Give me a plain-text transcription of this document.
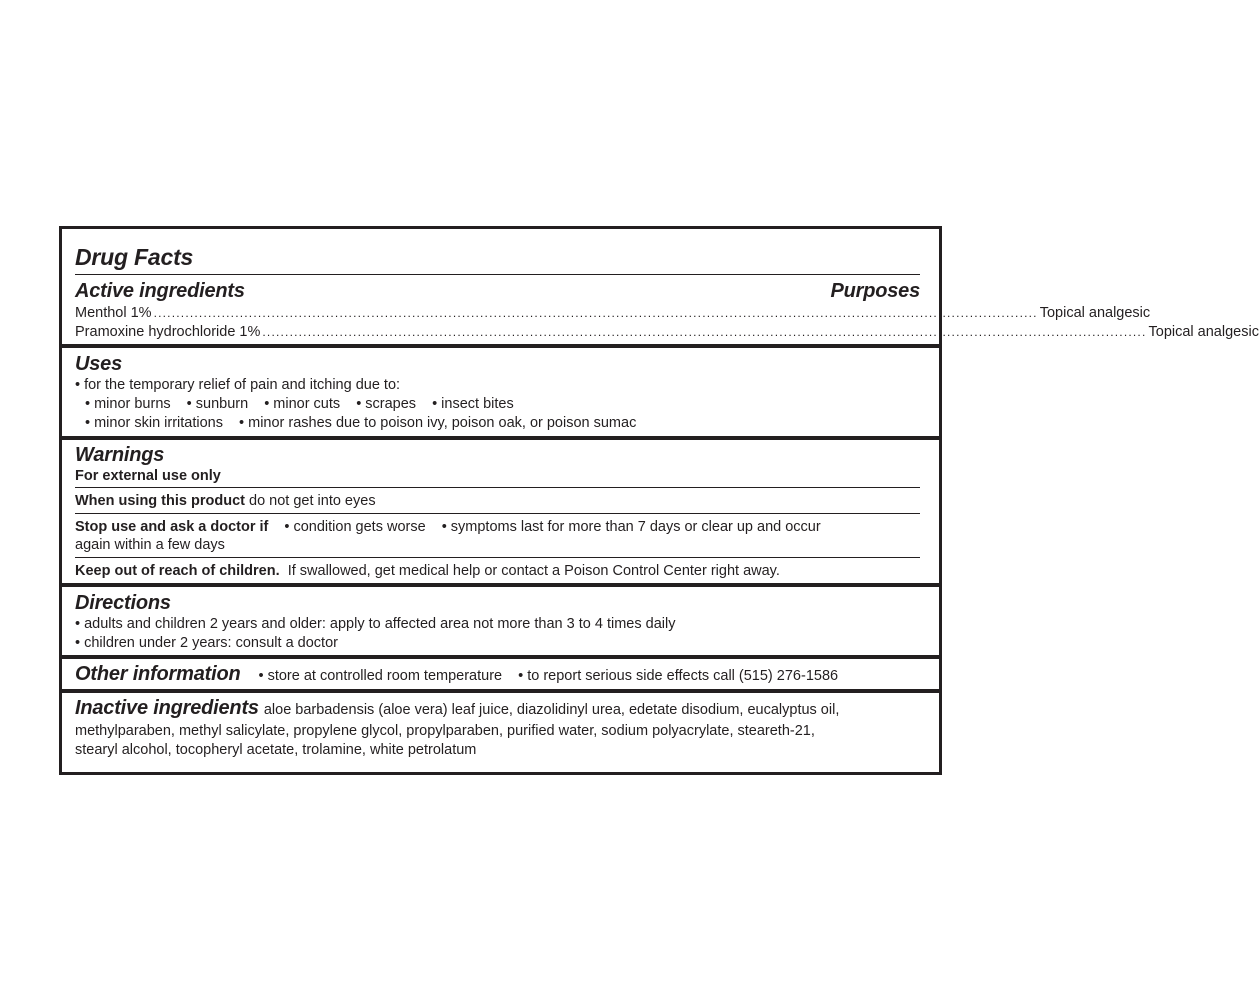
Drug Facts
Active ingredients	Purposes
Menthol 1% ................................................................................................................................................................................................... Topical analgesic
Pramoxine hydrochloride 1% ................................................................................................................................................................................................... Topical analgesic
Uses
• for the temporary relief of pain and itching due to:
• minor burns • sunburn • minor cuts • scrapes • insect bites
• minor skin irritations • minor rashes due to poison ivy, poison oak, or poison sumac
Warnings
For external use only
When using this product do not get into eyes
Stop use and ask a doctor if • condition gets worse • symptoms last for more than 7 days or clear up and occur
again within a few days
Keep out of reach of children. If swallowed, get medical help or contact a Poison Control Center right away.
Directions
• adults and children 2 years and older: apply to affected area not more than 3 to 4 times daily
• children under 2 years: consult a doctor
Other information • store at controlled room temperature • to report serious side effects call (515) 276-1586
Inactive ingredients aloe barbadensis (aloe vera) leaf juice, diazolidinyl urea, edetate disodium, eucalyptus oil,
methylparaben, methyl salicylate, propylene glycol, propylparaben, purified water, sodium polyacrylate, steareth-21,
stearyl alcohol, tocopheryl acetate, trolamine, white petrolatum
